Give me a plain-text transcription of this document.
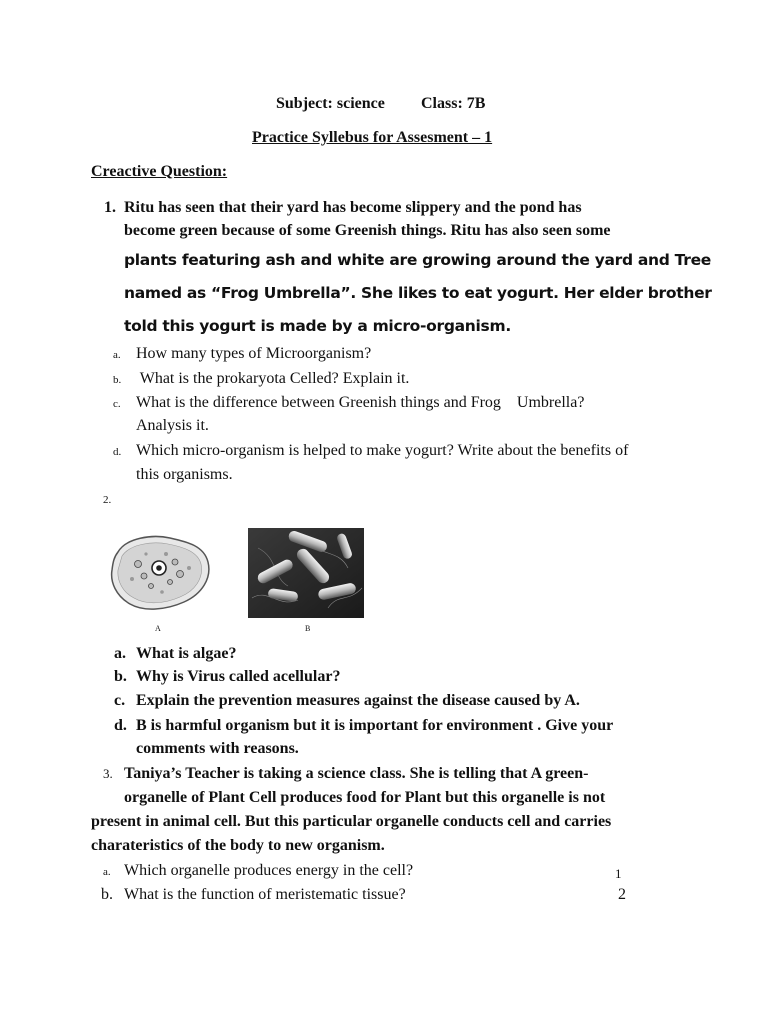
Subject: science Class: 7B
Practice Syllebus for Assesment – 1
Creactive Question:
1. Ritu has seen that their yard has become slippery and the pond has
become green because of some Greenish things. Ritu has also seen some
plants featuring ash and white are growing around the yard and Tree
named as “Frog Umbrella”. She likes to eat yogurt. Her elder brother
told this yogurt is made by a micro-organism.
a. How many types of Microorganism?
b. What is the prokaryota Celled? Explain it.
c. What is the difference between Greenish things and Frog    Umbrella?
Analysis it.
d. Which micro-organism is helped to make yogurt? Write about the benefits of
this organisms.
2.
A	B
a. What is algae?
b. Why is Virus called acellular?
c. Explain the prevention measures against the disease caused by A.
d. B is harmful organism but it is important for environment . Give your
comments with reasons.
3. Taniya’s Teacher is taking a science class. She is telling that A green-
organelle of Plant Cell produces food for Plant but this organelle is not
present in animal cell. But this particular organelle conducts cell and carries
charateristics of the body to new organism.
a. Which organelle produces energy in the cell?	1
b. What is the function of meristematic tissue?	2
